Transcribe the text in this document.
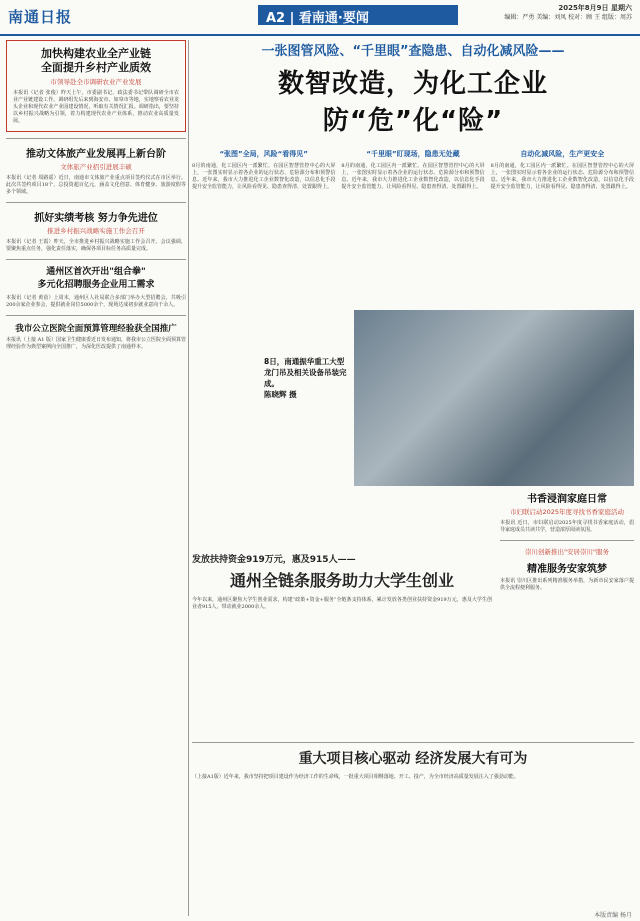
南通日报	A2 | 看南通·要闻
2025年8月9日 星期六
编辑：严勇 美编：刘凤 校对：顾 王 组版：周苏
加快构建农业全产业链
全面提升乡村产业质效
市领导赴全市调研农业产业发展
本报讯（记者 张俊）昨天上午，市委副书记、政法委书记带队调研全市农业产业链建设工作。调研组先后来到海安市、如皋市等地，实地察看农业龙头企业和现代农业产业园建设情况，听取有关情况汇报。调研指出，要坚持以乡村振兴战略为引领，着力构建现代农业产业体系，推动农业高质量发展。
推动文体旅产业发展再上新台阶
文体旅产业招引进展丰硕
本报讯（记者 周路遥）近日，南通市文体旅产业重点项目签约仪式在市区举行。此次共签约项目18个，总投资超百亿元，涵盖文化创意、体育健身、旅游度假等多个领域。
抓好实绩考核 努力争先进位
推进乡村振兴战略实施工作会召开
本报讯（记者 王霞）昨天，全市推进乡村振兴战略实施工作会召开。会议强调，要聚焦重点任务，强化责任落实，确保各项目标任务高质量完成。
通州区首次开出"组合拳"
多元化招聘服务企业用工需求
本报讯（记者 黄蓓）上周末，通州区人社局联合多部门举办大型招聘会，共吸引200余家企业参会，提供就业岗位5000余个，现场达成初步就业意向千余人。
我市公立医院全面预算管理经验获全国推广
本报讯（上接 A1 版）国家卫生健康委近日发布通知，将我市公立医院全面预算管理经验作为典型案例向全国推广，为深化医改提供了南通样本。
一张图管风险、“千里眼”查隐患、自动化减风险——
数智改造，为化工企业防“危”化“险”
“张图”全局，风险“看得见”
8月的南通，化工园区内一派繁忙。在园区智慧管控中心的大屏上，一张图实时显示着各企业的运行状态、危险源分布和预警信息。近年来，我市大力推进化工企业数智化改造，以信息化手段提升安全监管能力，让风险看得见、隐患查得清、处置跟得上。
“千里眼”盯现场，隐患无处藏
8月的南通，化工园区内一派繁忙。在园区智慧管控中心的大屏上，一张图实时显示着各企业的运行状态、危险源分布和预警信息。近年来，我市大力推进化工企业数智化改造，以信息化手段提升安全监管能力，让风险看得见、隐患查得清、处置跟得上。
自动化减风险，生产更安全
8月的南通，化工园区内一派繁忙。在园区智慧管控中心的大屏上，一张图实时显示着各企业的运行状态、危险源分布和预警信息。近年来，我市大力推进化工企业数智化改造，以信息化手段提升安全监管能力，让风险看得见、隐患查得清、处置跟得上。
8日，南通振华重工大型龙门吊及相关设备吊装完成。
陈晓辉 摄
书香浸润家庭日常
市妇联启动2025年度寻找书香家庭活动
本报讯 近日，市妇联启动2025年度寻找书香家庭活动，倡导家庭成员共读共学，营造浓厚阅读氛围。
崇川创新推出"安居崇川"服务
精准服务安家筑梦
本报讯 崇川区推出系列精准服务举措，为新市民安家落户提供全流程便利服务。
发放扶持资金919万元，惠及915人——
通州全链条服务助力大学生创业
今年以来，通州区聚焦大学生创业需求，构建“政策+资金+服务”全链条支持体系，累计发放各类创业扶持资金919万元，惠及大学生创业者915人，带动就业2000余人。
重大项目核心驱动 经济发展大有可为
（上接A1版）近年来，我市坚持把项目建设作为经济工作的生命线，一批重大项目相继落地、开工、投产，为全市经济高质量发展注入了强劲动能。
本版责编 杨月
